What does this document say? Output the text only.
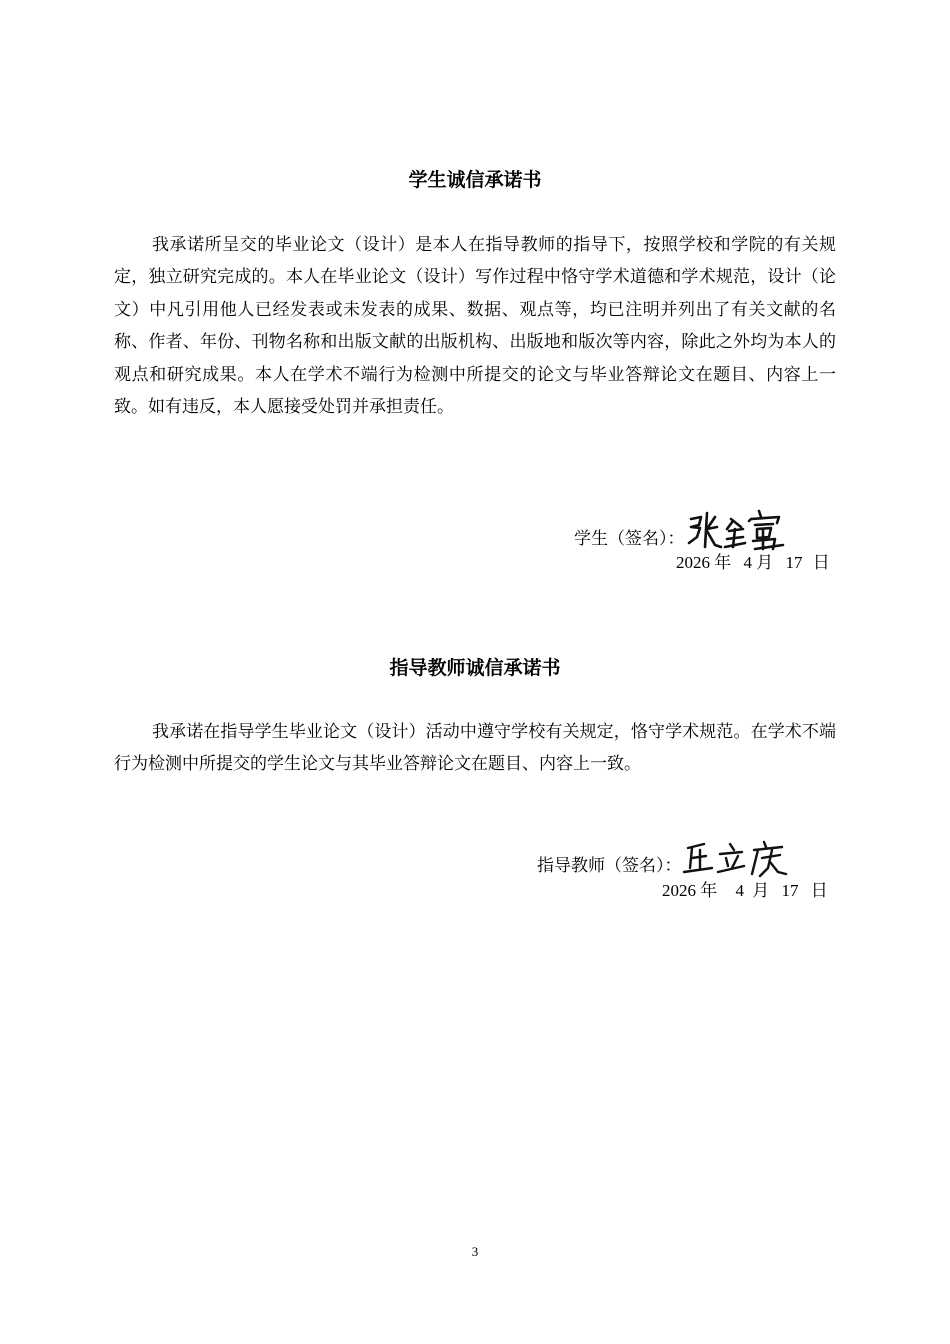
学生诚信承诺书
我承诺所呈交的毕业论文（设计）是本人在指导教师的指导下，按照学校和学院的有关规定，独立研究完成的。本人在毕业论文（设计）写作过程中恪守学术道德和学术规范，设计（论文）中凡引用他人已经发表或未发表的成果、数据、观点等，均已注明并列出了有关文献的名称、作者、年份、刊物名称和出版文献的出版机构、出版地和版次等内容，除此之外均为本人的观点和研究成果。本人在学术不端行为检测中所提交的论文与毕业答辩论文在题目、内容上一致。如有违反，本人愿接受处罚并承担责任。
学生（签名）：
2026 年 4 月 17 日
指导教师诚信承诺书
我承诺在指导学生毕业论文（设计）活动中遵守学校有关规定，恪守学术规范。在学术不端行为检测中所提交的学生论文与其毕业答辩论文在题目、内容上一致。
指导教师（签名）：
2026 年 4 月 17 日
3
